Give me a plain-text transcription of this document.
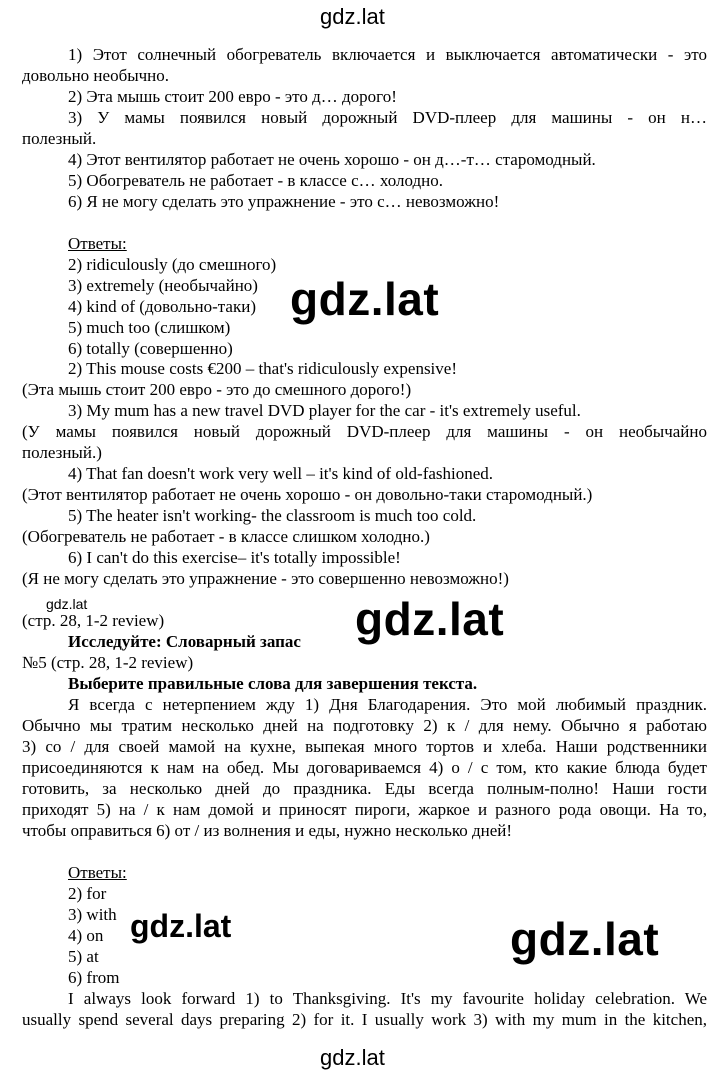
gdz.lat
1) Этот солнечный обогреватель включается и выключается автоматически - это
довольно необычно.
2) Эта мышь стоит 200 евро - это д… дорого!
3) У мамы появился новый дорожный DVD-плеер для машины - он н…
полезный.
4) Этот вентилятор работает не очень хорошо - он д…-т… старомодный.
5) Обогреватель не работает - в классе с… холодно.
6) Я не могу сделать это упражнение - это с… невозможно!
Ответы:
2) ridiculously (до смешного)
3) extremely (необычайно)
4) kind of (довольно-таки)
5) much too (слишком)
6) totally (совершенно)
gdz.lat
2) This mouse costs €200 – that's ridiculously expensive!
(Эта мышь стоит 200 евро - это до смешного дорого!)
3) My mum has a new travel DVD player for the car - it's extremely useful.
(У мамы появился новый дорожный DVD-плеер для машины - он необычайно
полезный.)
4) That fan doesn't work very well – it's kind of old-fashioned.
(Этот вентилятор работает не очень хорошо - он довольно-таки старомодный.)
5) The heater isn't working- the classroom is much too cold.
(Обогреватель не работает - в классе слишком холодно.)
6) I can't do this exercise– it's totally impossible!
(Я не могу сделать это упражнение - это совершенно невозможно!)
gdz.lat
(стр. 28, 1-2 review)
Исследуйте: Словарный запас
№5 (стр. 28, 1-2 review)
Выберите правильные слова для завершения текста.
gdz.lat
Я всегда с нетерпением жду 1) Дня Благодарения. Это мой любимый праздник.
Обычно мы тратим несколько дней на подготовку 2) к / для нему. Обычно я работаю
3) со / для своей мамой на кухне, выпекая много тортов и хлеба. Наши родственники
присоединяются к нам на обед. Мы договариваемся 4) о / с том, кто какие блюда будет
готовить, за несколько дней до праздника. Еды всегда полным-полно! Наши гости
приходят 5) на / к нам домой и приносят пироги, жаркое и разного рода овощи. На то,
чтобы оправиться 6) от / из волнения и еды, нужно несколько дней!
Ответы:
2) for
3) with
4) on
5) at
6) from
gdz.lat	gdz.lat
I always look forward 1) to Thanksgiving. It's my favourite holiday celebration. We
usually spend several days preparing 2) for it. I usually work 3) with my mum in the kitchen,
gdz.lat
